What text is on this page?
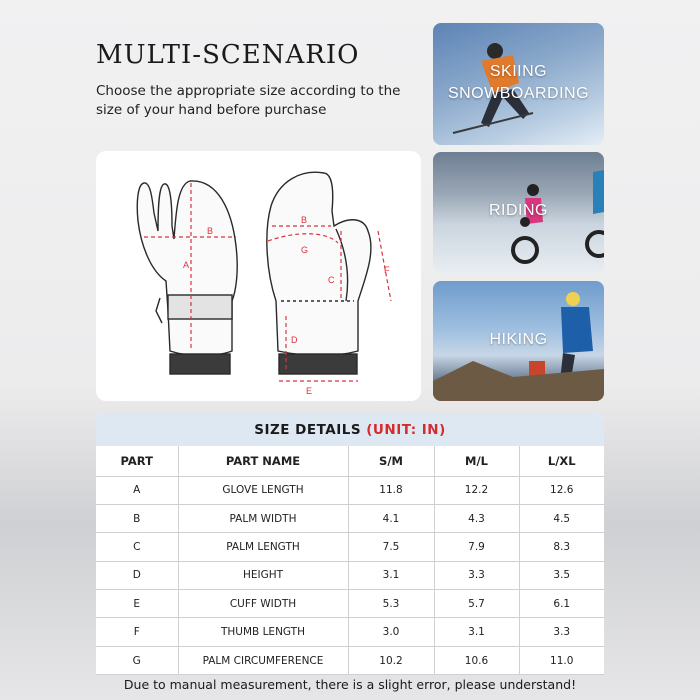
MULTI-SCENARIO
Choose the appropriate size according to the size of your hand before purchase
A
B
B
G
C
F
D
E
SKIING
SNOWBOARDING
RIDING
HIKING
SIZE DETAILS (UNIT: IN)
PART	PART NAME	S/M	M/L	L/XL
A	GLOVE LENGTH	11.8	12.2	12.6
B	PALM WIDTH	4.1	4.3	4.5
C	PALM LENGTH	7.5	7.9	8.3
D	HEIGHT	3.1	3.3	3.5
E	CUFF WIDTH	5.3	5.7	6.1
F	THUMB LENGTH	3.0	3.1	3.3
G	PALM CIRCUMFERENCE	10.2	10.6	11.0
Due to manual measurement, there is a slight error, please understand!
